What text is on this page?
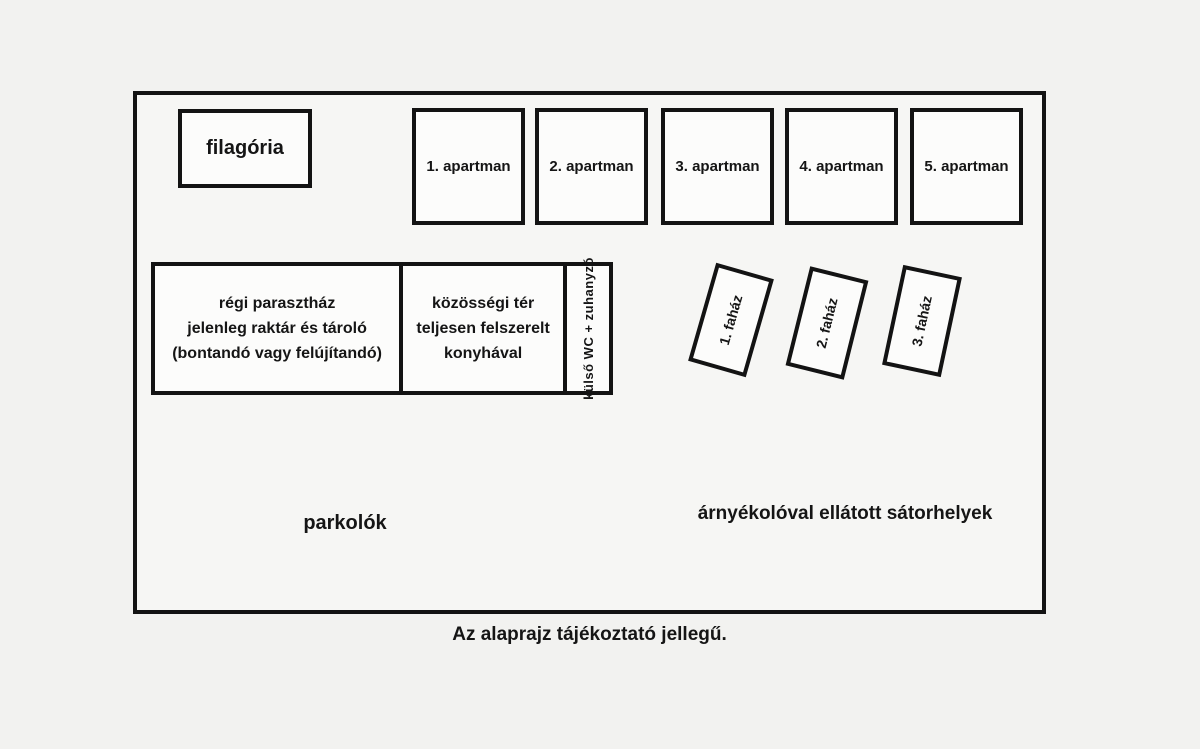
filagória
1. apartman	2. apartman	3. apartman	4. apartman	5. apartman
régi parasztház
jelenleg raktár és tároló
(bontandó vagy felújítandó)
közösségi tér
teljesen felszerelt
konyhával	külső WC + zuhanyzó	1. faház	2. faház	3. faház
parkolók	árnyékolóval ellátott sátorhelyek
Az alaprajz tájékoztató jellegű.
